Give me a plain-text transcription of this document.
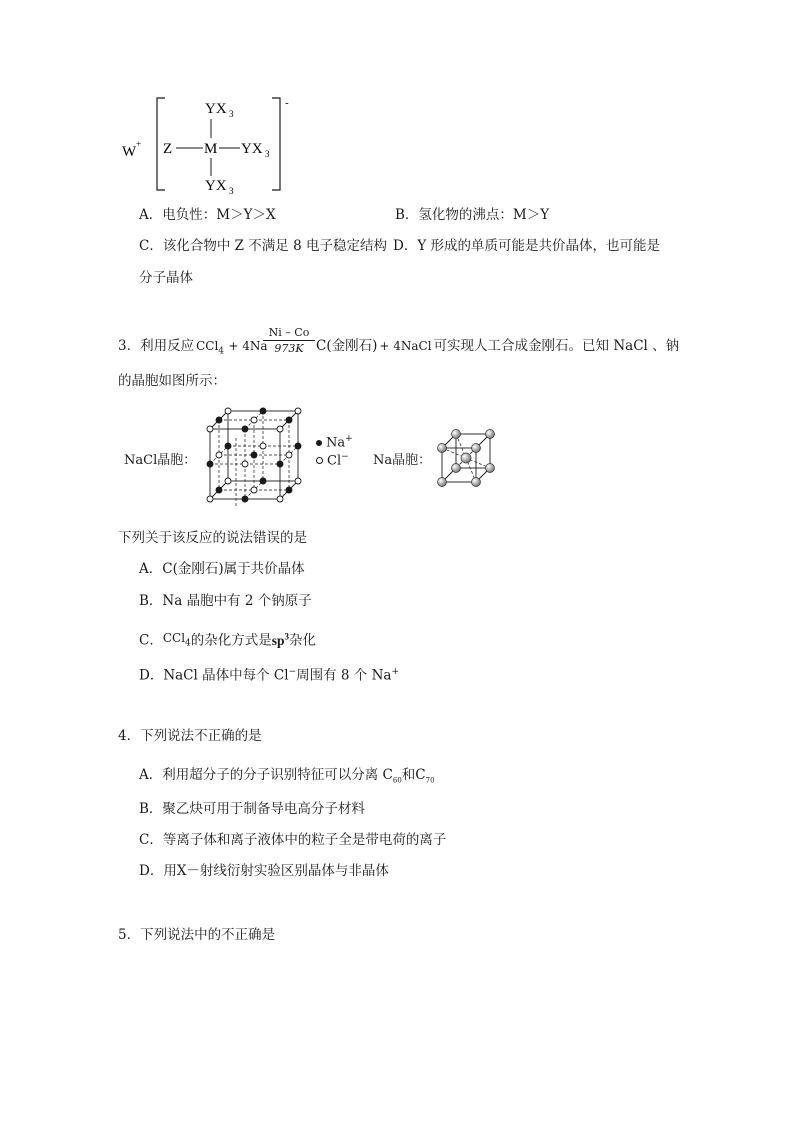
W +
-
YX 3
Z M YX 3
YX 3
A．电负性：M＞Y＞X	B．氢化物的沸点：M＞Y
C．该化合物中 Z 不满足 8 电子稳定结构 D．Y 形成的单质可能是共价晶体，也可能是
分子晶体
3．利用反应 CCl$_4$ + 4Na
Ni – Co
973K C(金刚石) + 4NaCl 可实现人工合成金刚石。已知 NaCl 、钠
的晶胞如图所示：
NaCl晶胞：
Na+
Cl− Na晶胞：
下列关于该反应的说法错误的是
A．C(金刚石)属于共价晶体
B．Na 晶胞中有 2 个钠原子
C．CCl$_4$的杂化方式是$sp^3$杂化
D．NaCl 晶体中每个 Cl−周围有 8 个 Na+
4．下列说法不正确的是
A．利用超分子的分子识别特征可以分离 $C_{60}$和$C_{70}$
B．聚乙炔可用于制备导电高分子材料
C．等离子体和离子液体中的粒子全是带电荷的离子
D．用X－射线衍射实验区别晶体与非晶体
5．下列说法中的不正确是
